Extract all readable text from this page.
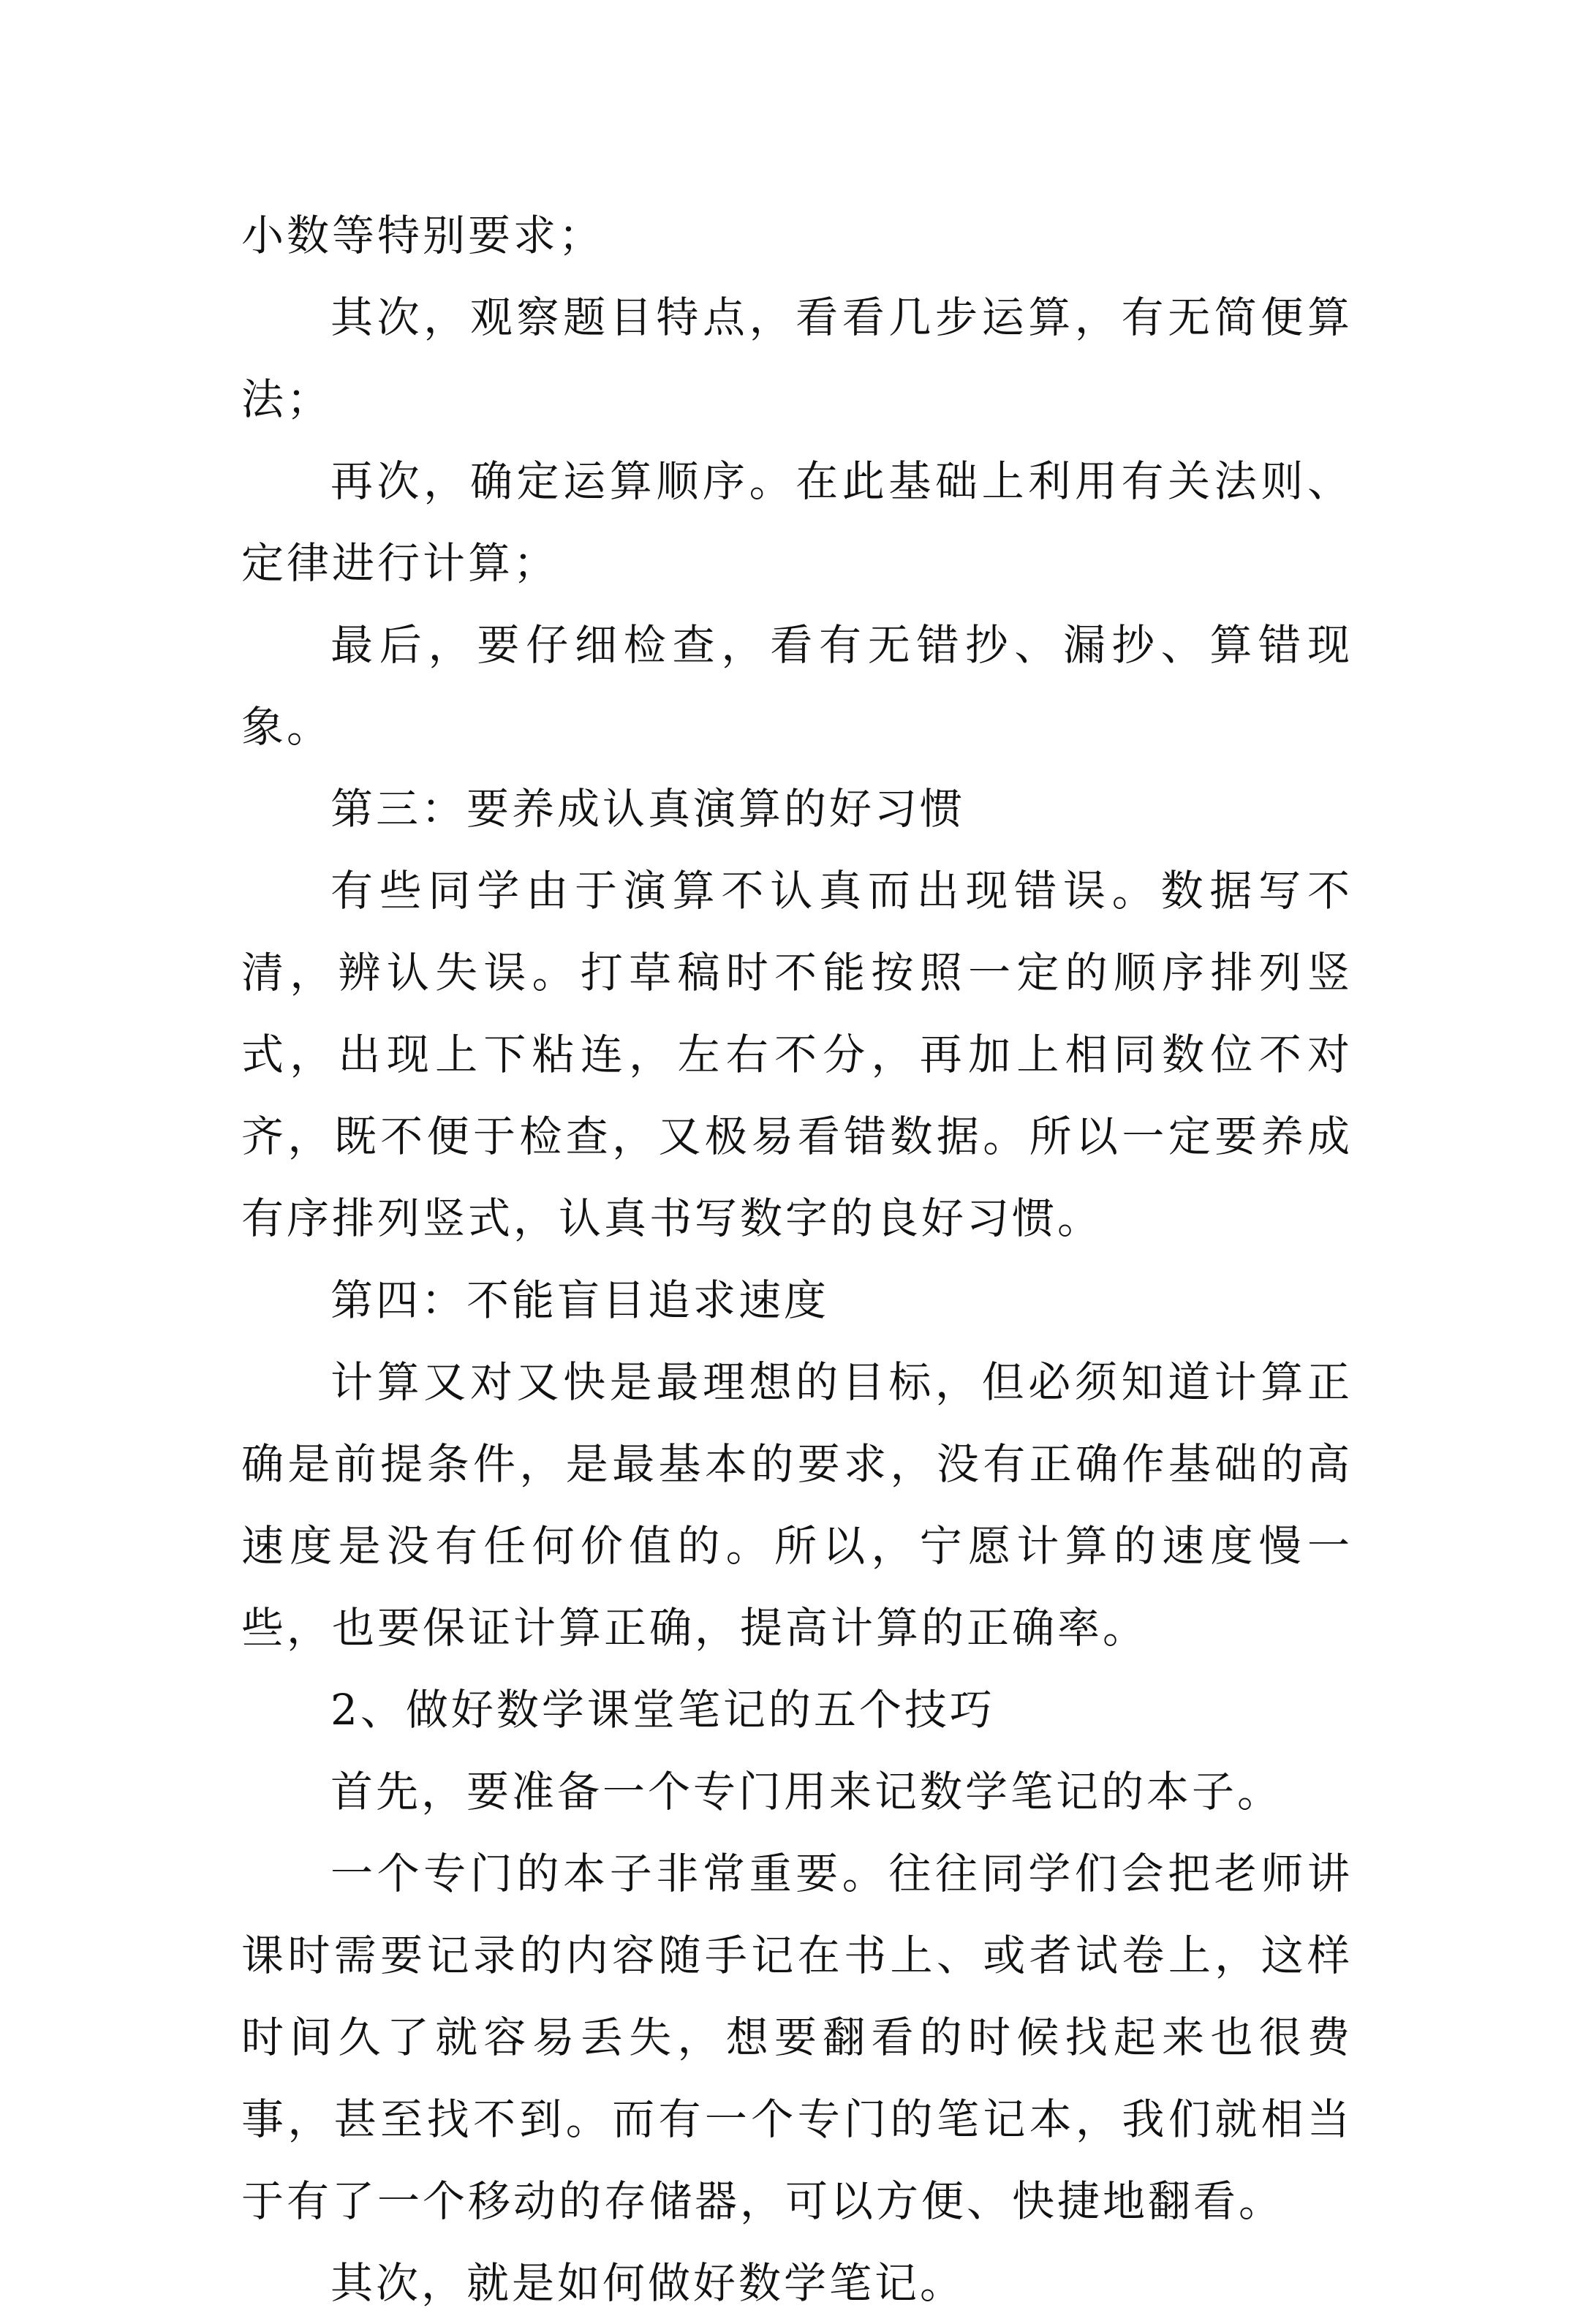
小数等特别要求；

其次，观察题目特点，看看几步运算，有无简便算法；

再次，确定运算顺序。在此基础上利用有关法则、定律进行计算；

最后，要仔细检查，看有无错抄、漏抄、算错现象。

第三：要养成认真演算的好习惯

有些同学由于演算不认真而出现错误。数据写不清，辨认失误。打草稿时不能按照一定的顺序排列竖式，出现上下粘连，左右不分，再加上相同数位不对齐，既不便于检查，又极易看错数据。所以一定要养成有序排列竖式，认真书写数字的良好习惯。

第四：不能盲目追求速度

计算又对又快是最理想的目标，但必须知道计算正确是前提条件，是最基本的要求，没有正确作基础的高速度是没有任何价值的。所以，宁愿计算的速度慢一些，也要保证计算正确，提高计算的正确率。

2、做好数学课堂笔记的五个技巧

首先，要准备一个专门用来记数学笔记的本子。

一个专门的本子非常重要。往往同学们会把老师讲课时需要记录的内容随手记在书上、或者试卷上，这样时间久了就容易丢失，想要翻看的时候找起来也很费事，甚至找不到。而有一个专门的笔记本，我们就相当于有了一个移动的存储器，可以方便、快捷地翻看。

其次，就是如何做好数学笔记。
